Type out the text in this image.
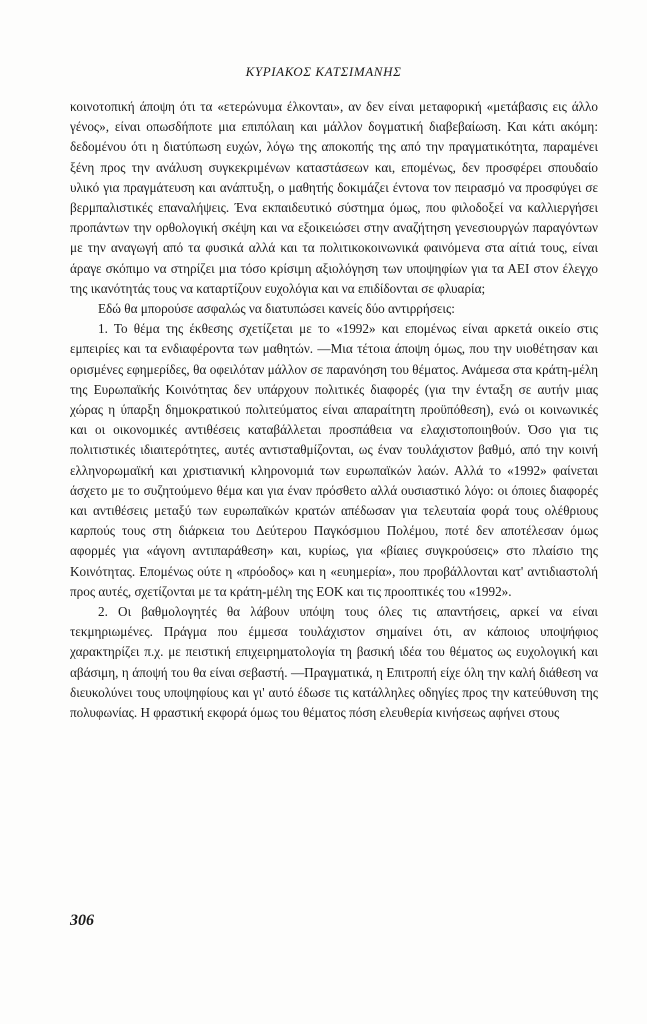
ΚΥΡΙΑΚΟΣ ΚΑΤΣΙΜΑΝΗΣ

κοινοτοπική άποψη ότι τα «ετερώνυμα έλκονται», αν δεν είναι μεταφορική «μετάβασις εις άλλο γένος», είναι οπωσδήποτε μια επιπόλαιη και μάλλον δογματική διαβεβαίωση. Και κάτι ακόμη: δεδομένου ότι η διατύπωση ευχών, λόγω της αποκοπής της από την πραγματικότητα, παραμένει ξένη προς την ανάλυση συγκεκριμένων καταστάσεων και, επομένως, δεν προσφέρει σπουδαίο υλικό για πραγμάτευση και ανάπτυξη, ο μαθητής δοκιμάζει έντονα τον πειρασμό να προσφύγει σε βερμπαλιστικές επαναλήψεις. Ένα εκπαιδευτικό σύστημα όμως, που φιλοδοξεί να καλλιεργήσει προπάντων την ορθολογική σκέψη και να εξοικειώσει στην αναζήτηση γενεσιουργών παραγόντων με την αναγωγή από τα φυσικά αλλά και τα πολιτικοκοινωνικά φαινόμενα στα αίτιά τους, είναι άραγε σκόπιμο να στηρίζει μια τόσο κρίσιμη αξιολόγηση των υποψηφίων για τα ΑΕΙ στον έλεγχο της ικανότητάς τους να καταρτίζουν ευχολόγια και να επιδίδονται σε φλυαρία;

Εδώ θα μπορούσε ασφαλώς να διατυπώσει κανείς δύο αντιρρήσεις:

1. Το θέμα της έκθεσης σχετίζεται με το «1992» και επομένως είναι αρκετά οικείο στις εμπειρίες και τα ενδιαφέροντα των μαθητών. —Μια τέτοια άποψη όμως, που την υιοθέτησαν και ορισμένες εφημερίδες, θα οφειλόταν μάλλον σε παρανόηση του θέματος. Ανάμεσα στα κράτη-μέλη της Ευρωπαϊκής Κοινότητας δεν υπάρχουν πολιτικές διαφορές (για την ένταξη σε αυτήν μιας χώρας η ύπαρξη δημοκρατικού πολιτεύματος είναι απαραίτητη προϋπόθεση), ενώ οι κοινωνικές και οι οικονομικές αντιθέσεις καταβάλλεται προσπάθεια να ελαχιστοποιηθούν. Όσο για τις πολιτιστικές ιδιαιτερότητες, αυτές αντισταθμίζονται, ως έναν τουλάχιστον βαθμό, από την κοινή ελληνορωμαϊκή και χριστιανική κληρονομιά των ευρωπαϊκών λαών. Αλλά το «1992» φαίνεται άσχετο με το συζητούμενο θέμα και για έναν πρόσθετο αλλά ουσιαστικό λόγο: οι όποιες διαφορές και αντιθέσεις μεταξύ των ευρωπαϊκών κρατών απέδωσαν για τελευταία φορά τους ολέθριους καρπούς τους στη διάρκεια του Δεύτερου Παγκόσμιου Πολέμου, ποτέ δεν αποτέλεσαν όμως αφορμές για «άγονη αντιπαράθεση» και, κυρίως, για «βίαιες συγκρούσεις» στο πλαίσιο της Κοινότητας. Επομένως ούτε η «πρόοδος» και η «ευημερία», που προβάλλονται κατ' αντιδιαστολή προς αυτές, σχετίζονται με τα κράτη-μέλη της ΕΟΚ και τις προοπτικές του «1992».

2. Οι βαθμολογητές θα λάβουν υπόψη τους όλες τις απαντήσεις, αρκεί να είναι τεκμηριωμένες. Πράγμα που έμμεσα τουλάχιστον σημαίνει ότι, αν κάποιος υποψήφιος χαρακτηρίζει π.χ. με πειστική επιχειρηματολογία τη βασική ιδέα του θέματος ως ευχολογική και αβάσιμη, η άποψή του θα είναι σεβαστή. —Πραγματικά, η Επιτροπή είχε όλη την καλή διάθεση να διευκολύνει τους υποψηφίους και γι' αυτό έδωσε τις κατάλληλες οδηγίες προς την κατεύθυνση της πολυφωνίας. Η φραστική εκφορά όμως του θέματος πόση ελευθερία κινήσεως αφήνει στους

306
